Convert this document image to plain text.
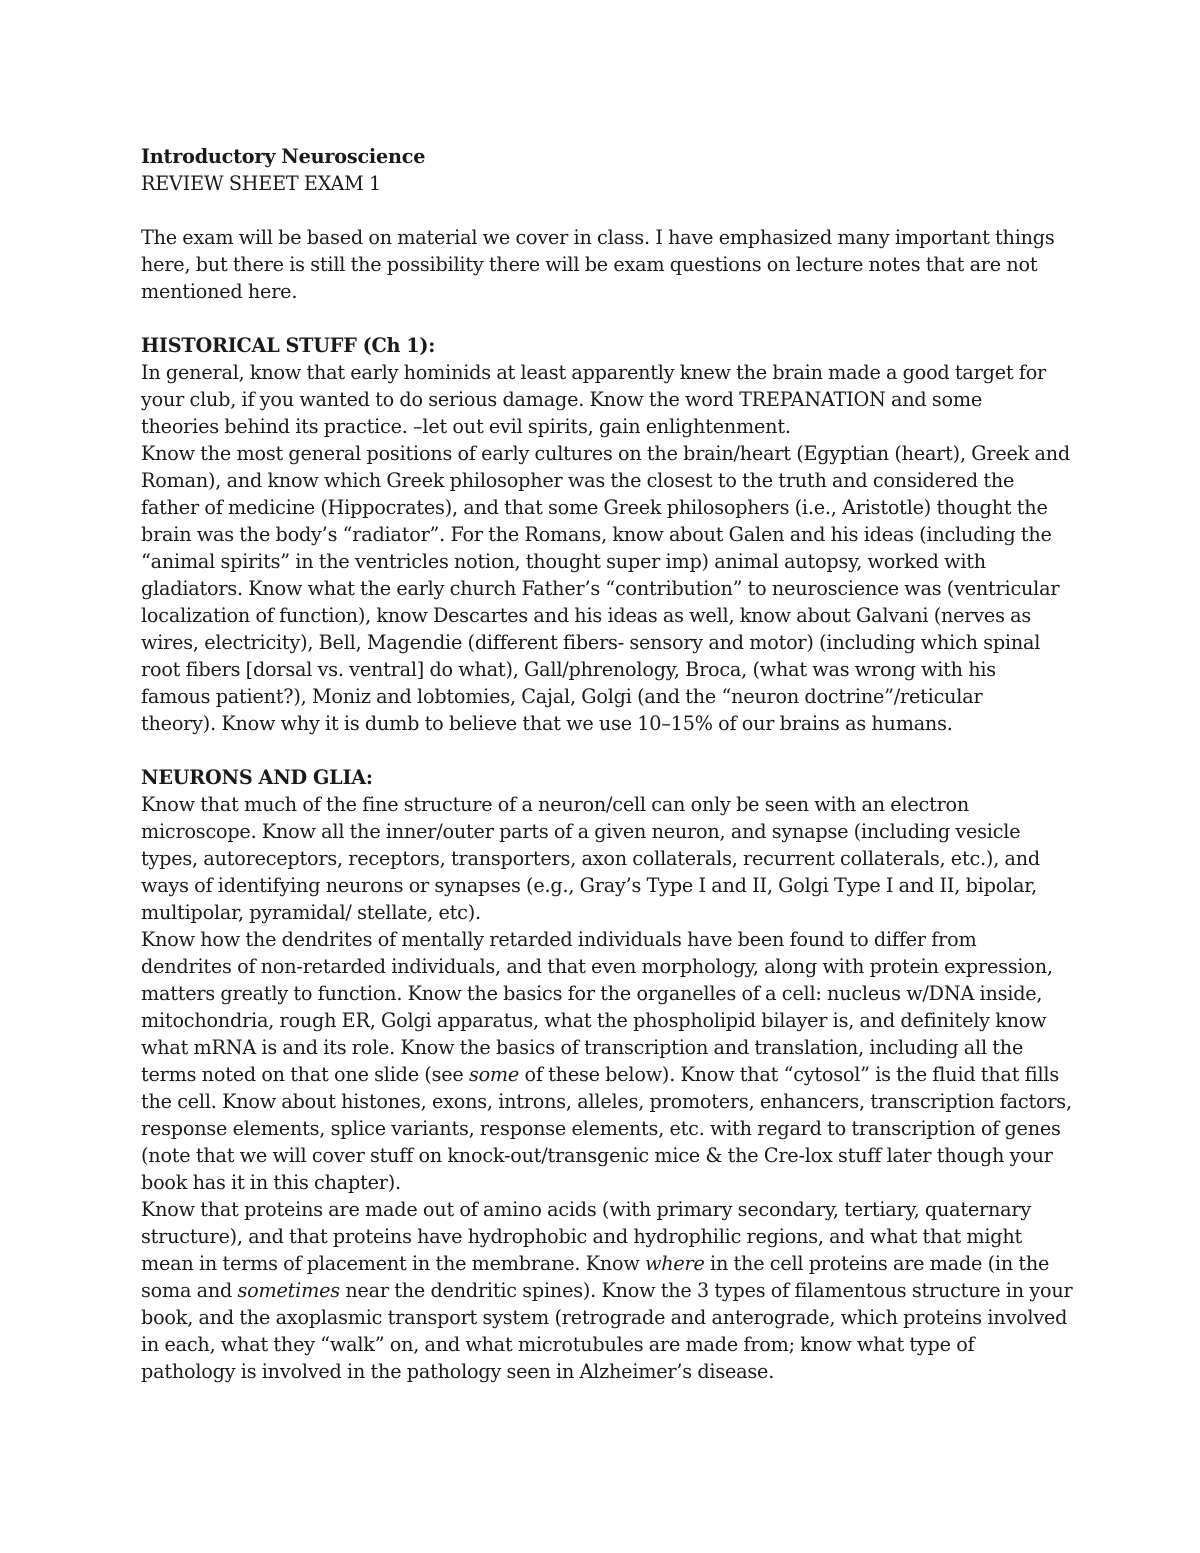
Introductory Neuroscience
REVIEW SHEET EXAM 1
The exam will be based on material we cover in class. I have emphasized many important things
here, but there is still the possibility there will be exam questions on lecture notes that are not
mentioned here.
HISTORICAL STUFF (Ch 1):
In general, know that early hominids at least apparently knew the brain made a good target for
your club, if you wanted to do serious damage. Know the word TREPANATION and some
theories behind its practice. –let out evil spirits, gain enlightenment.
Know the most general positions of early cultures on the brain/heart (Egyptian (heart), Greek and
Roman), and know which Greek philosopher was the closest to the truth and considered the
father of medicine (Hippocrates), and that some Greek philosophers (i.e., Aristotle) thought the
brain was the body’s “radiator”. For the Romans, know about Galen and his ideas (including the
“animal spirits” in the ventricles notion, thought super imp) animal autopsy, worked with
gladiators. Know what the early church Father’s “contribution” to neuroscience was (ventricular
localization of function), know Descartes and his ideas as well, know about Galvani (nerves as
wires, electricity), Bell, Magendie (different fibers- sensory and motor) (including which spinal
root fibers [dorsal vs. ventral] do what), Gall/phrenology, Broca, (what was wrong with his
famous patient?), Moniz and lobtomies, Cajal, Golgi (and the “neuron doctrine”/reticular
theory). Know why it is dumb to believe that we use 10–15% of our brains as humans.
NEURONS AND GLIA:
Know that much of the fine structure of a neuron/cell can only be seen with an electron
microscope. Know all the inner/outer parts of a given neuron, and synapse (including vesicle
types, autoreceptors, receptors, transporters, axon collaterals, recurrent collaterals, etc.), and
ways of identifying neurons or synapses (e.g., Gray’s Type I and II, Golgi Type I and II, bipolar,
multipolar, pyramidal/ stellate, etc).
Know how the dendrites of mentally retarded individuals have been found to differ from
dendrites of non-retarded individuals, and that even morphology, along with protein expression,
matters greatly to function. Know the basics for the organelles of a cell: nucleus w/DNA inside,
mitochondria, rough ER, Golgi apparatus, what the phospholipid bilayer is, and definitely know
what mRNA is and its role. Know the basics of transcription and translation, including all the
terms noted on that one slide (see some of these below). Know that “cytosol” is the fluid that fills
the cell. Know about histones, exons, introns, alleles, promoters, enhancers, transcription factors,
response elements, splice variants, response elements, etc. with regard to transcription of genes
(note that we will cover stuff on knock-out/transgenic mice & the Cre-lox stuff later though your
book has it in this chapter).
Know that proteins are made out of amino acids (with primary secondary, tertiary, quaternary
structure), and that proteins have hydrophobic and hydrophilic regions, and what that might
mean in terms of placement in the membrane. Know where in the cell proteins are made (in the
soma and sometimes near the dendritic spines). Know the 3 types of filamentous structure in your
book, and the axoplasmic transport system (retrograde and anterograde, which proteins involved
in each, what they “walk” on, and what microtubules are made from; know what type of
pathology is involved in the pathology seen in Alzheimer’s disease.
